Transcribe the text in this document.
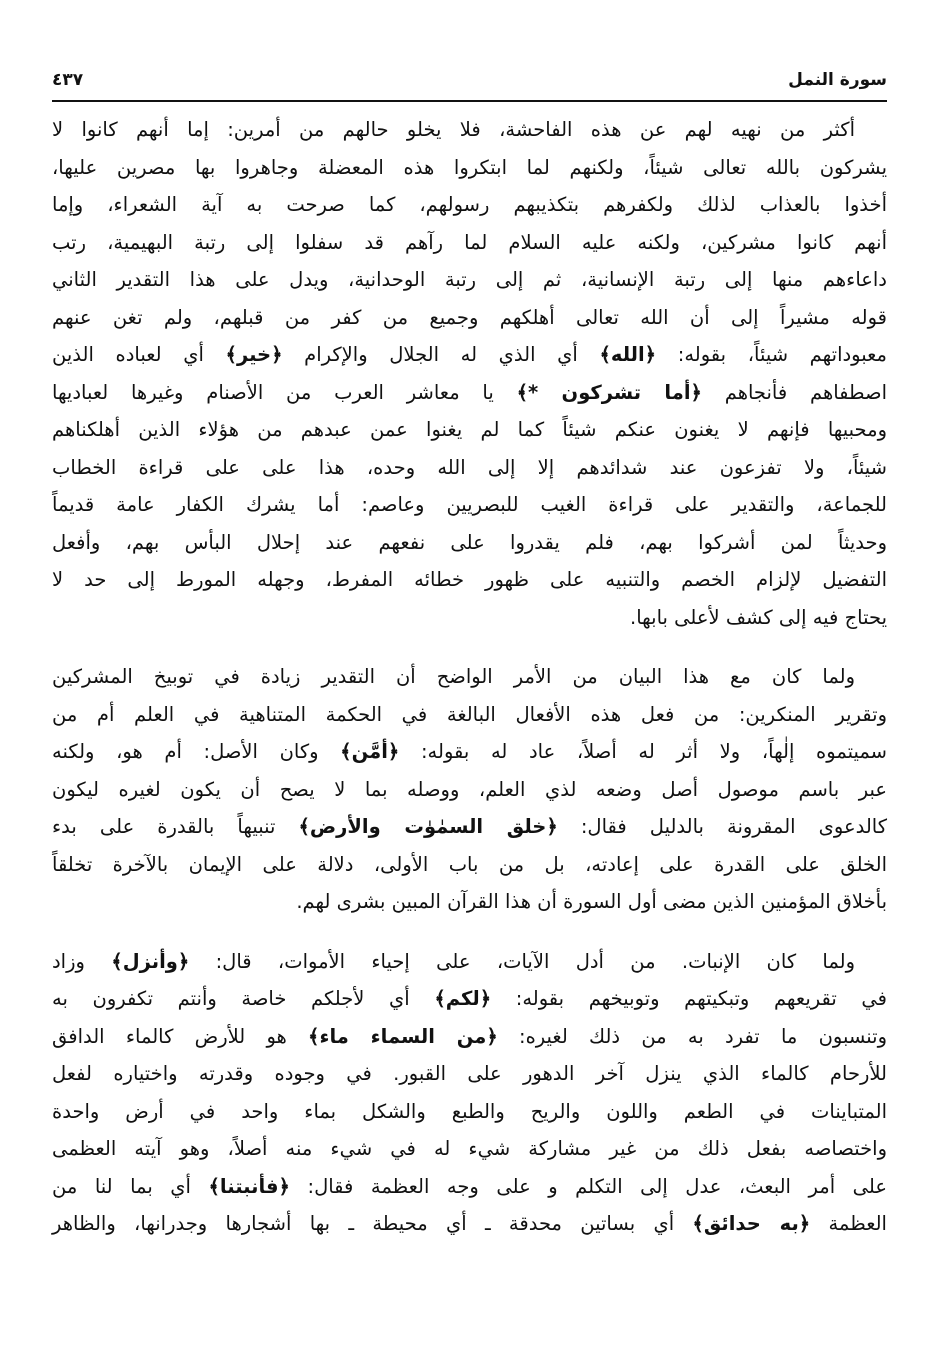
سورة النمل
٤٣٧
أكثر من نهيه لهم عن هذه الفاحشة، فلا يخلو حالهم من أمرين: إما أنهم كانوا لا
يشركون بالله تعالى شيئاً، ولكنهم لما ابتكروا هذه المعضلة وجاهروا بها مصرين عليها،
أخذوا بالعذاب لذلك ولكفرهم بتكذيبهم رسولهم، كما صرحت به آية الشعراء، وإما
أنهم كانوا مشركين، ولكنه عليه السلام لما رآهم قد سفلوا إلى رتبة البهيمية، رتب
داعاءهم منها إلى رتبة الإنسانية، ثم إلى رتبة الوحدانية، ويدل على هذا التقدير الثاني
قوله مشيراً إلى أن الله تعالى أهلكهم وجميع من كفر من قبلهم، ولم تغن عنهم
معبوداتهم شيئاً، بقوله: ﴿الله﴾ أي الذي له الجلال والإكرام ﴿خير﴾ أي لعباده الذين
اصطفاهم فأنجاهم ﴿أما تشركون *﴾ يا معاشر العرب من الأصنام وغيرها لعباديها
ومحبيها فإنهم لا يغنون عنكم شيئاً كما لم يغنوا عمن عبدهم من هؤلاء الذين أهلكناهم
شيئاً، ولا تفزعون عند شدائدهم إلا إلى الله وحده، هذا على على قراءة الخطاب
للجماعة، والتقدير على قراءة الغيب للبصريين وعاصم: أما يشرك الكفار عامة قديماً
وحديثاً لمن أشركوا بهم، فلم يقدروا على نفعهم عند إحلال البأس بهم، وأفعل
التفضيل لإلزام الخصم والتنبيه على ظهور خطائه المفرط، وجهله المورط إلى حد لا
يحتاج فيه إلى كشف لأعلى بابها.
ولما كان مع هذا البيان من الأمر الواضح أن التقدير زيادة في توبيخ المشركين
وتقرير المنكرين: من فعل هذه الأفعال البالغة في الحكمة المتناهية في العلم أم من
سميتموه إلٰهاً، ولا أثر له أصلاً، عاد له بقوله: ﴿أمَّن﴾ وكان الأصل: أم هو، ولكنه
عبر باسم موصول أصل وضعه لذي العلم، ووصله بما لا يصح أن يكون لغيره ليكون
كالدعوى المقرونة بالدليل فقال: ﴿خلق السمٰوٰت والأرض﴾ تنبيهاً بالقدرة على بدء
الخلق على القدرة على إعادته، بل من باب الأولى، دلالة على الإيمان بالآخرة تخلقاً
بأخلاق المؤمنين الذين مضى أول السورة أن هذا القرآن المبين بشرى لهم.
ولما كان الإنبات. من أدل الآيات، على إحياء الأموات، قال: ﴿وأنزل﴾ وزاد
في تقريعهم وتبكيتهم وتوبيخهم بقوله: ﴿لكم﴾ أي لأجلكم خاصة وأنتم تكفرون به
وتنسبون ما تفرد به من ذلك لغيره: ﴿من السماء ماء﴾ هو للأرض كالماء الدافق
للأرحام كالماء الذي ينزل آخر الدهور على القبور. في وجوده وقدرته واختياره لفعل
المتباينات في الطعم واللون والريح والطبع والشكل بماء واحد في أرض واحدة
واختصاصه بفعل ذلك من غير مشاركة شيء له في شيء منه أصلاً، وهو آيته العظمى
على أمر البعث، عدل إلى التكلم و على وجه العظمة فقال: ﴿فأنبتنا﴾ أي بما لنا من
العظمة ﴿به حدائق﴾ أي بساتين محدقة ـ أي محيطة ـ بها أشجارها وجدرانها، والظاهر
